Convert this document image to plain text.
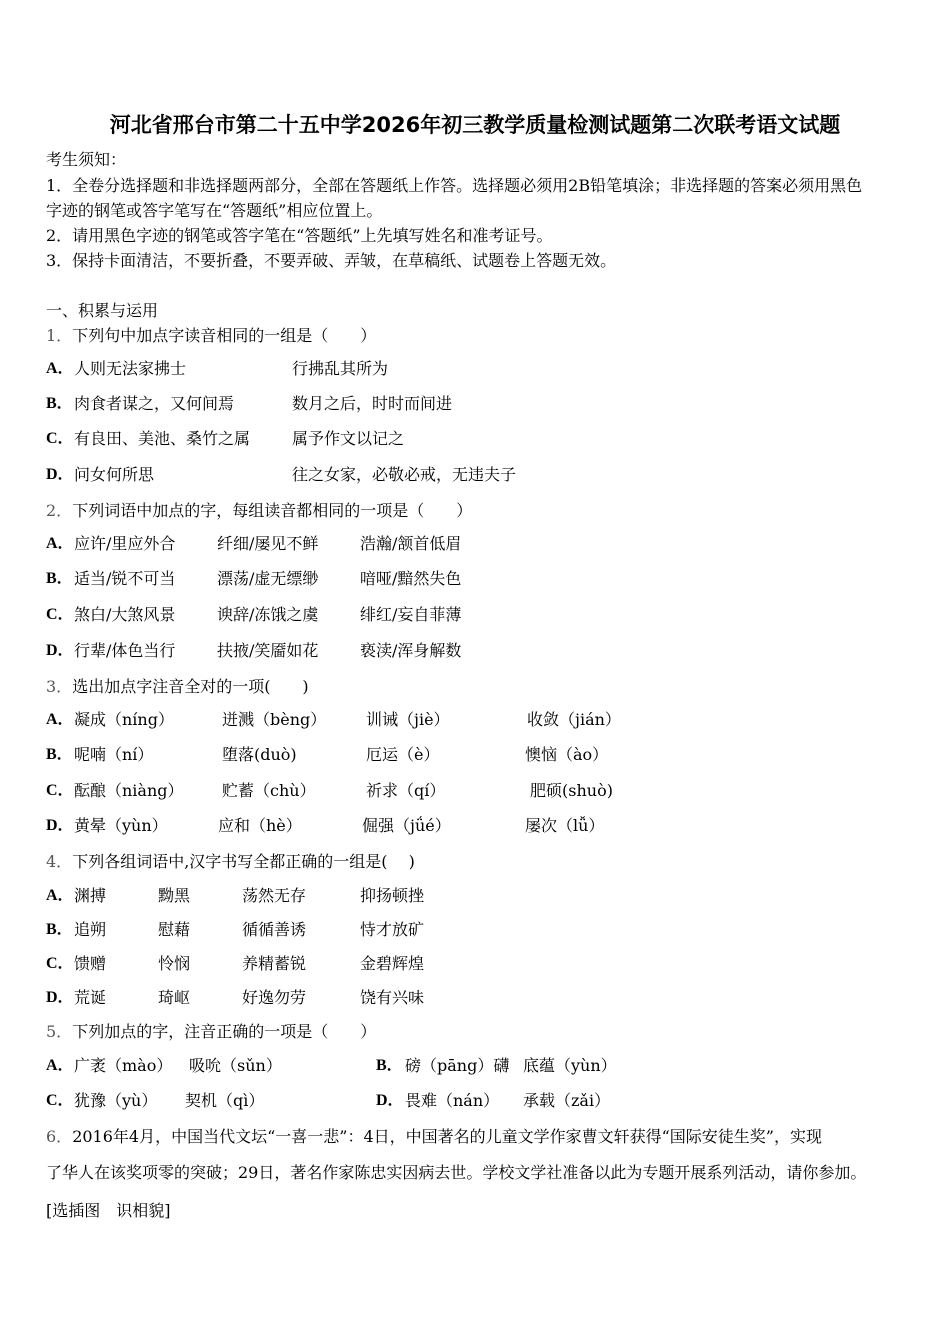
河北省邢台市第二十五中学2026年初三教学质量检测试题第二次联考语文试题
考生须知：
1．全卷分选择题和非选择题两部分，全部在答题纸上作答。选择题必须用2B铅笔填涂；非选择题的答案必须用黑色
字迹的钢笔或答字笔写在“答题纸”相应位置上。
2．请用黑色字迹的钢笔或答字笔在“答题纸”上先填写姓名和准考证号。
3．保持卡面清洁，不要折叠，不要弄破、弄皱，在草稿纸、试题卷上答题无效。
一、积累与运用
1．下列句中加点字读音相同的一组是（　　）
A． 人则无法家拂士	行拂乱其所为
B． 肉食者谋之，又何间焉	数月之后，时时而间进
C． 有良田、美池、桑竹之属	属予作文以记之
D． 问女何所思	往之女家，必敬必戒，无违夫子
2．下列词语中加点的字，每组读音都相同的一项是（　　）
A． 应许/里应外合	纤细/屡见不鲜	浩瀚/颔首低眉
B． 适当/锐不可当	漂荡/虚无缥缈	喑哑/黯然失色
C． 煞白/大煞风景	谀辞/冻饿之虞	绯红/妄自菲薄
D． 行辈/体色当行	扶掖/笑靥如花	亵渎/浑身解数
3．选出加点字注音全对的一项(　　)
A． 凝成（níng）	迸溅（bèng） 训诫（jiè）	收敛（jián）
B． 呢喃（ní）	堕落(duò)	厄运（è）	懊恼（ào）
C． 酝酿（niàng） 贮蓄（chù）	祈求（qí）	肥硕(shuò)
D． 黄晕（yùn）	应和（hè）	倔强（jǘé）	屡次（lǚ）
4．下列各组词语中,汉字书写全都正确的一组是(　 )
A． 渊搏	黝黑	荡然无存	抑扬顿挫
B． 追朔	慰藉	循循善诱	恃才放矿
C． 馈赠	怜悯	养精蓄锐	金碧辉煌
D． 荒诞	琦岖	好逸勿劳	饶有兴味
5．下列加点的字，注音正确的一项是（　　）
A． 广袤（mào） 吸吮（sǔn）	B． 磅（pāng）礴 底蕴（yùn）
C． 犹豫（yù） 契机（qì）	D． 畏难（nán） 承载（zǎi）
6．2016年4月，中国当代文坛“一喜一悲”：4日，中国著名的儿童文学作家曹文轩获得“国际安徒生奖”，实现
了华人在该奖项零的突破；29日，著名作家陈忠实因病去世。学校文学社准备以此为专题开展系列活动，请你参加。
[选插图　识相貌]
